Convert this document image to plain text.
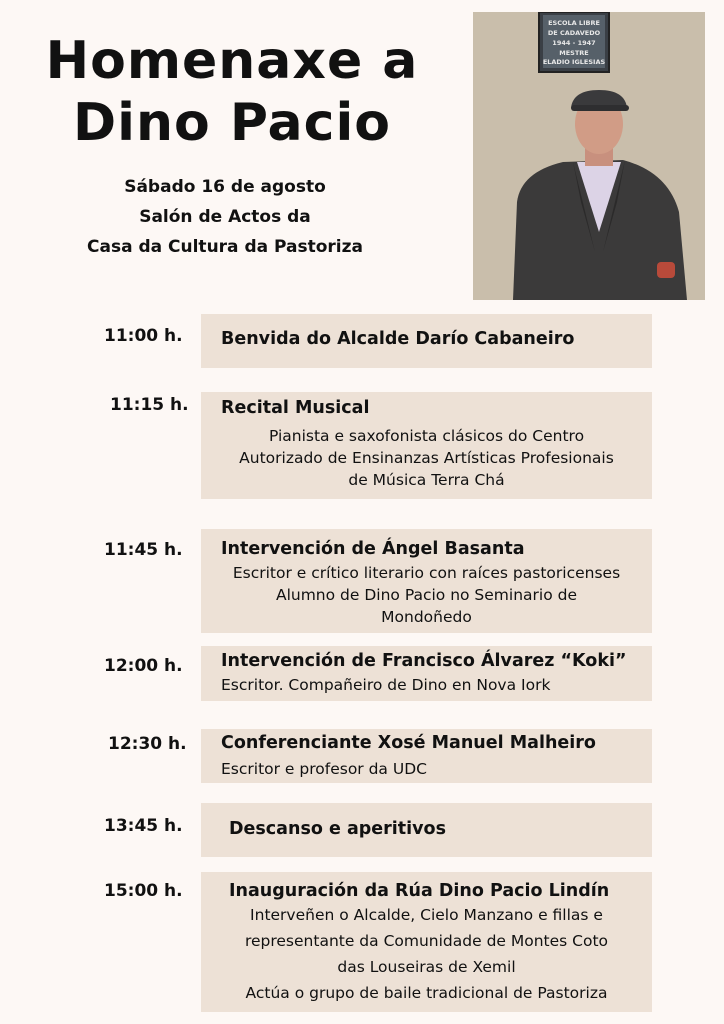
Homenaxe a
Dino Pacio
Sábado 16 de agosto
Salón de Actos da
Casa da Cultura da Pastoriza
ESCOLA LIBRE
DE CADAVEDO
1944 - 1947
MESTRE
ELADIO IGLESIAS
11:00 h. Benvida do Alcalde Darío Cabaneiro
11:15 h. Recital Musical
Pianista e saxofonista clásicos do Centro
Autorizado de Ensinanzas Artísticas Profesionais
de Música Terra Chá
11:45 h. Intervención de Ángel Basanta
Escritor e crítico literario con raíces pastoricenses
Alumno de Dino Pacio no Seminario de
Mondoñedo
12:00 h. Intervención de Francisco Álvarez “Koki”
Escritor. Compañeiro de Dino en Nova Iork
12:30 h. Conferenciante Xosé Manuel Malheiro
Escritor e profesor da UDC
13:45 h.	Descanso e aperitivos
15:00 h.	Inauguración da Rúa Dino Pacio Lindín
Interveñen o Alcalde, Cielo Manzano e fillas e
representante da Comunidade de Montes Coto
das Louseiras de Xemil
Actúa o grupo de baile tradicional de Pastoriza
